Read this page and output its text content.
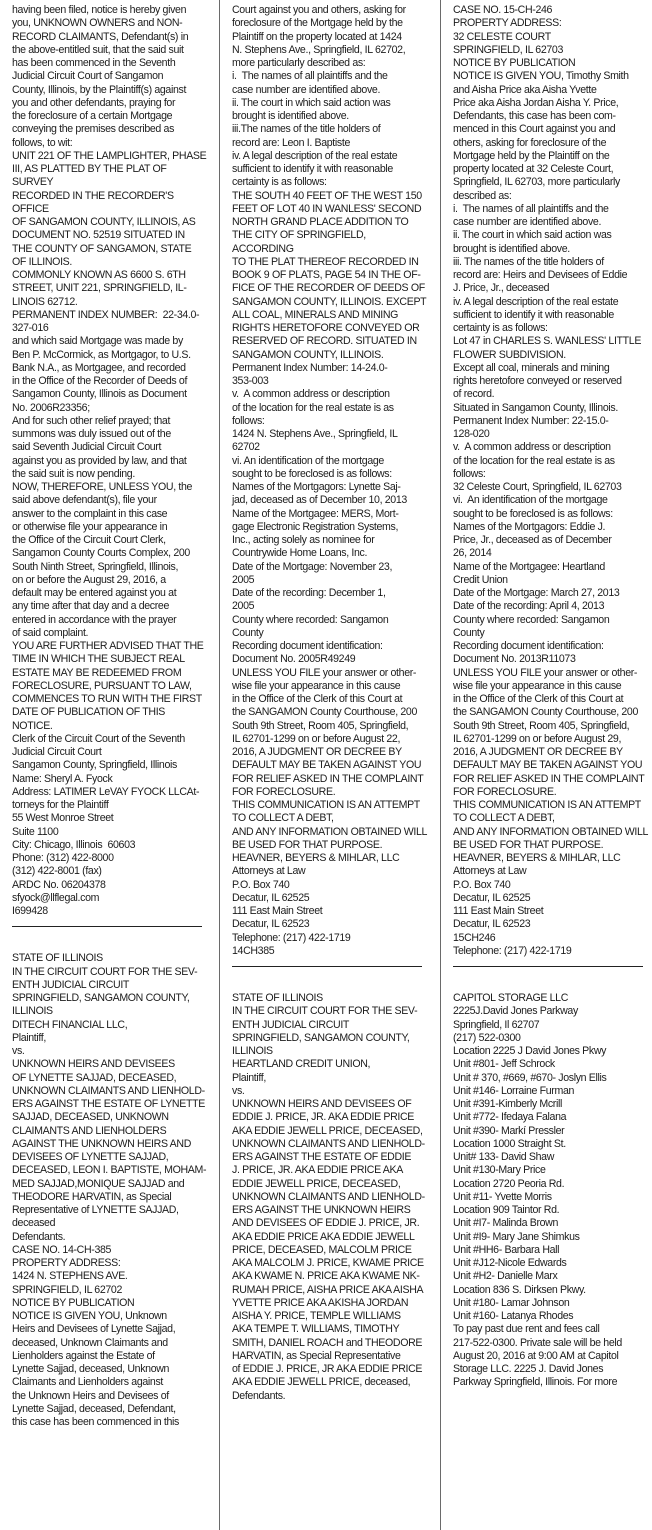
having been filed, notice is hereby given

you, UNKNOWN OWNERS and NON-

RECORD CLAIMANTS, Defendant(s) in

the above-entitled suit, that the said suit

has been commenced in the Seventh

Judicial Circuit Court of Sangamon

County, Illinois, by the Plaintiff(s) against

you and other defendants, praying for

the foreclosure of a certain Mortgage

conveying the premises described as

follows, to wit:

UNIT 221 OF THE LAMPLIGHTER, PHASE

III, AS PLATTED BY THE PLAT OF SURVEY

RECORDED IN THE RECORDER'S OFFICE

OF SANGAMON COUNTY, ILLINOIS, AS

DOCUMENT NO. 52519 SITUATED IN

THE COUNTY OF SANGAMON, STATE

OF ILLINOIS.

COMMONLY KNOWN AS 6600 S. 6TH

STREET, UNIT 221, SPRINGFIELD, IL-

LINOIS 62712.

PERMANENT INDEX NUMBER:  22-34.0-

327-016

and which said Mortgage was made by

Ben P. McCormick, as Mortgagor, to U.S.

Bank N.A., as Mortgagee, and recorded

in the Office of the Recorder of Deeds of

Sangamon County, Illinois as Document

No. 2006R23356;

And for such other relief prayed; that

summons was duly issued out of the

said Seventh Judicial Circuit Court

against you as provided by law, and that

the said suit is now pending.

NOW, THEREFORE, UNLESS YOU, the

said above defendant(s), file your

answer to the complaint in this case

or otherwise file your appearance in

the Office of the Circuit Court Clerk,

Sangamon County Courts Complex, 200

South Ninth Street, Springfield, Illinois,

on or before the August 29, 2016, a

default may be entered against you at

any time after that day and a decree

entered in accordance with the prayer

of said complaint.

YOU ARE FURTHER ADVISED THAT THE

TIME IN WHICH THE SUBJECT REAL

ESTATE MAY BE REDEEMED FROM

FORECLOSURE, PURSUANT TO LAW,

COMMENCES TO RUN WITH THE FIRST

DATE OF PUBLICATION OF THIS NOTICE.

Clerk of the Circuit Court of the Seventh

Judicial Circuit Court

Sangamon County, Springfield, Illinois

Name: Sheryl A. Fyock

Address: LATIMER LeVAY FYOCK LLCAt-

torneys for the Plaintiff

55 West Monroe Street

Suite 1100

City: Chicago, Illinois  60603

Phone: (312) 422-8000

(312) 422-8001 (fax)

ARDC No. 06204378

sfyock@llflegal.com

I699428

STATE OF ILLINOIS

IN THE CIRCUIT COURT FOR THE SEV-

ENTH JUDICIAL CIRCUIT

SPRINGFIELD, SANGAMON COUNTY,

ILLINOIS

DITECH FINANCIAL LLC,

Plaintiff,

vs.

UNKNOWN HEIRS AND DEVISEES

OF LYNETTE SAJJAD, DECEASED,

UNKNOWN CLAIMANTS AND LIENHOLD-

ERS AGAINST THE ESTATE OF LYNETTE

SAJJAD, DECEASED, UNKNOWN

CLAIMANTS AND LIENHOLDERS

AGAINST THE UNKNOWN HEIRS AND

DEVISEES OF LYNETTE SAJJAD,

DECEASED, LEON I. BAPTISTE, MOHAM-

MED SAJJAD,MONIQUE SAJJAD and

THEODORE HARVATIN, as Special

Representative of LYNETTE SAJJAD,

deceased

Defendants.

CASE NO. 14-CH-385

PROPERTY ADDRESS:

1424 N. STEPHENS AVE.

SPRINGFIELD, IL 62702

NOTICE BY PUBLICATION

NOTICE IS GIVEN YOU, Unknown

Heirs and Devisees of Lynette Sajjad,

deceased, Unknown Claimants and

Lienholders against the Estate of

Lynette Sajjad, deceased, Unknown

Claimants and Lienholders against

the Unknown Heirs and Devisees of

Lynette Sajjad, deceased, Defendant,

this case has been commenced in this

Court against you and others, asking for

foreclosure of the Mortgage held by the

Plaintiff on the property located at 1424

N. Stephens Ave., Springfield, IL 62702,

more particularly described as:

i.  The names of all plaintiffs and the

case number are identified above.

ii. The court in which said action was

brought is identified above.

iii.The names of the title holders of

record are: Leon I. Baptiste

iv. A legal description of the real estate

sufficient to identify it with reasonable

certainty is as follows:

THE SOUTH 40 FEET OF THE WEST 150

FEET OF LOT 40 IN WANLESS' SECOND

NORTH GRAND PLACE ADDITION TO

THE CITY OF SPRINGFIELD, ACCORDING

TO THE PLAT THEREOF RECORDED IN

BOOK 9 OF PLATS, PAGE 54 IN THE OF-

FICE OF THE RECORDER OF DEEDS OF

SANGAMON COUNTY, ILLINOIS. EXCEPT

ALL COAL, MINERALS AND MINING

RIGHTS HERETOFORE CONVEYED OR

RESERVED OF RECORD. SITUATED IN

SANGAMON COUNTY, ILLINOIS.

Permanent Index Number: 14-24.0-

353-003

v.  A common address or description

of the location for the real estate is as

follows:

1424 N. Stephens Ave., Springfield, IL

62702

vi. An identification of the mortgage

sought to be foreclosed is as follows:

Names of the Mortgagors: Lynette Saj-

jad, deceased as of December 10, 2013

Name of the Mortgagee: MERS, Mort-

gage Electronic Registration Systems,

Inc., acting solely as nominee for

Countrywide Home Loans, Inc.

Date of the Mortgage: November 23,

2005

Date of the recording: December 1,

2005

County where recorded: Sangamon

County

Recording document identification:

Document No. 2005R49249

UNLESS YOU FILE your answer or other-

wise file your appearance in this cause

in the Office of the Clerk of this Court at

the SANGAMON County Courthouse, 200

South 9th Street, Room 405, Springfield,

IL 62701-1299 on or before August 22,

2016, A JUDGMENT OR DECREE BY

DEFAULT MAY BE TAKEN AGAINST YOU

FOR RELIEF ASKED IN THE COMPLAINT

FOR FORECLOSURE.

THIS COMMUNICATION IS AN ATTEMPT

TO COLLECT A DEBT,

AND ANY INFORMATION OBTAINED WILL

BE USED FOR THAT PURPOSE.

HEAVNER, BEYERS & MIHLAR, LLC

Attorneys at Law

P.O. Box 740

Decatur, IL 62525

111 East Main Street

Decatur, IL 62523

Telephone: (217) 422-1719

14CH385

STATE OF ILLINOIS

IN THE CIRCUIT COURT FOR THE SEV-

ENTH JUDICIAL CIRCUIT

SPRINGFIELD, SANGAMON COUNTY,

ILLINOIS

HEARTLAND CREDIT UNION,

Plaintiff,

vs.

UNKNOWN HEIRS AND DEVISEES OF

EDDIE J. PRICE, JR. AKA EDDIE PRICE

AKA EDDIE JEWELL PRICE, DECEASED,

UNKNOWN CLAIMANTS AND LIENHOLD-

ERS AGAINST THE ESTATE OF EDDIE

J. PRICE, JR. AKA EDDIE PRICE AKA

EDDIE JEWELL PRICE, DECEASED,

UNKNOWN CLAIMANTS AND LIENHOLD-

ERS AGAINST THE UNKNOWN HEIRS

AND DEVISEES OF EDDIE J. PRICE, JR.

AKA EDDIE PRICE AKA EDDIE JEWELL

PRICE, DECEASED, MALCOLM PRICE

AKA MALCOLM J. PRICE, KWAME PRICE

AKA KWAME N. PRICE AKA KWAME NK-

RUMAH PRICE, AISHA PRICE AKA AISHA

YVETTE PRICE AKA AKISHA JORDAN

AISHA Y. PRICE, TEMPLE WILLIAMS

AKA TEMPE T. WILLIAMS, TIMOTHY

SMITH, DANIEL ROACH and THEODORE

HARVATIN, as Special Representative

of EDDIE J. PRICE, JR AKA EDDIE PRICE

AKA EDDIE JEWELL PRICE, deceased,

Defendants.

CASE NO. 15-CH-246

PROPERTY ADDRESS:

32 CELESTE COURT

SPRINGFIELD, IL 62703

NOTICE BY PUBLICATION

NOTICE IS GIVEN YOU, Timothy Smith

and Aisha Price aka Aisha Yvette

Price aka Aisha Jordan Aisha Y. Price,

Defendants, this case has been com-

menced in this Court against you and

others, asking for foreclosure of the

Mortgage held by the Plaintiff on the

property located at 32 Celeste Court,

Springfield, IL 62703, more particularly

described as:

i.  The names of all plaintiffs and the

case number are identified above.

ii. The court in which said action was

brought is identified above.

iii. The names of the title holders of

record are: Heirs and Devisees of Eddie

J. Price, Jr., deceased

iv. A legal description of the real estate

sufficient to identify it with reasonable

certainty is as follows:

Lot 47 in CHARLES S. WANLESS' LITTLE

FLOWER SUBDIVISION.

Except all coal, minerals and mining

rights heretofore conveyed or reserved

of record.

Situated in Sangamon County, Illinois.

Permanent Index Number: 22-15.0-

128-020

v.  A common address or description

of the location for the real estate is as

follows:

32 Celeste Court, Springfield, IL 62703

vi.  An identification of the mortgage

sought to be foreclosed is as follows:

Names of the Mortgagors: Eddie J.

Price, Jr., deceased as of December

26, 2014

Name of the Mortgagee: Heartland

Credit Union

Date of the Mortgage: March 27, 2013

Date of the recording: April 4, 2013

County where recorded: Sangamon

County

Recording document identification:

Document No. 2013R11073

UNLESS YOU FILE your answer or other-

wise file your appearance in this cause

in the Office of the Clerk of this Court at

the SANGAMON County Courthouse, 200

South 9th Street, Room 405, Springfield,

IL 62701-1299 on or before August 29,

2016, A JUDGMENT OR DECREE BY

DEFAULT MAY BE TAKEN AGAINST YOU

FOR RELIEF ASKED IN THE COMPLAINT

FOR FORECLOSURE.

THIS COMMUNICATION IS AN ATTEMPT

TO COLLECT A DEBT,

AND ANY INFORMATION OBTAINED WILL

BE USED FOR THAT PURPOSE.

HEAVNER, BEYERS & MIHLAR, LLC

Attorneys at Law

P.O. Box 740

Decatur, IL 62525

111 East Main Street

Decatur, IL 62523

15CH246

Telephone: (217) 422-1719

CAPITOL STORAGE LLC

2225J.David Jones Parkway

Springfield, Il 62707

(217) 522-0300

Location 2225 J David Jones Pkwy

Unit #801- Jeff Schrock

Unit # 370, #669, #670- Joslyn Ellis

Unit #146- Lorraine Furman

Unit #391-Kimberly Mcrill

Unit #772- Ifedaya Falana

Unit #390- Markí Pressler

Location 1000 Straight St.

Unit# 133- David Shaw

Unit #130-Mary Price

Location 2720 Peoria Rd.

Unit #11- Yvette Morris

Location 909 Taintor Rd.

Unit #I7- Malinda Brown

Unit #I9- Mary Jane Shimkus

Unit #HH6- Barbara Hall

Unit #J12-Nicole Edwards

Unit #H2- Danielle Marx

Location 836 S. Dirksen Pkwy.

Unit #180- Lamar Johnson

Unit #160- Latanya Rhodes

To pay past due rent and fees call

217-522-0300. Private sale will be held

August 20, 2016 at 9:00 AM at Capitol

Storage LLC. 2225 J. David Jones

Parkway Springfield, Illinois. For more
